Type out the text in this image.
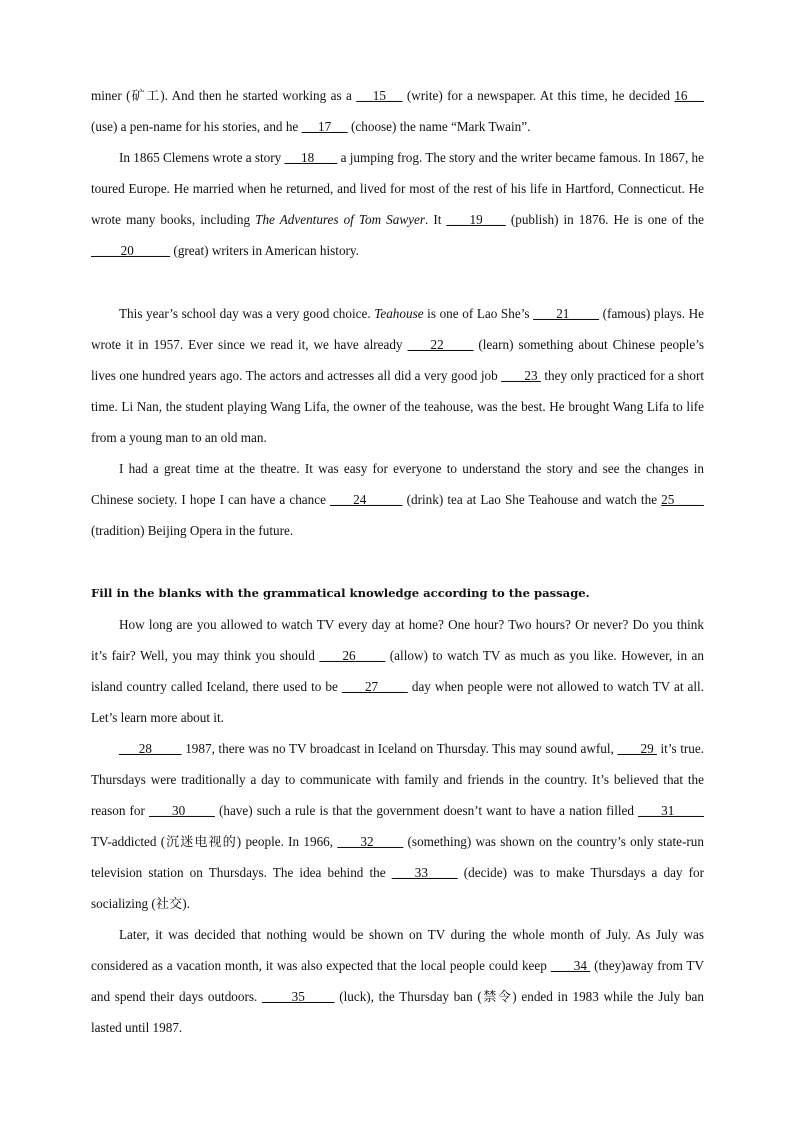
miner (矿工). And then he started working as a  __15__  (write) for a newspaper. At this time, he decided 16__  (use) a pen-name for his stories, and he  __17__  (choose) the name “Mark Twain”.

In 1865 Clemens wrote a story  __18___  a jumping frog. The story and the writer became famous. In 1867, he toured Europe. He married when he returned, and lived for most of the rest of his life in Hartford, Connecticut. He wrote many books, including The Adventures of Tom Sawyer. It  ___19___  (publish) in 1876. He is one of the  ____20_____  (great) writers in American history.

This year’s school day was a very good choice. Teahouse is one of Lao She’s  ___21____  (famous) plays. He wrote it in 1957. Ever since we read it, we have already  ___22____  (learn) something about Chinese people’s lives one hundred years ago. The actors and actresses all did a very good job  ___23  they only practiced for a short time. Li Nan, the student playing Wang Lifa, the owner of the teahouse, was the best. He brought Wang Lifa to life from a young man to an old man.

I had a great time at the theatre. It was easy for everyone to understand the story and see the changes in Chinese society. I hope I can have a chance  ___24_____  (drink) tea at Lao She Teahouse and watch the 25____  (tradition) Beijing Opera in the future.

Fill in the blanks with the grammatical knowledge according to the passage.

How long are you allowed to watch TV every day at home? One hour? Two hours? Or never? Do you think it’s fair? Well, you may think you should  ___26____  (allow) to watch TV as much as you like. However, in an island country called Iceland, there used to be  ___27____  day when people were not allowed to watch TV at all. Let’s learn more about it.

___28____  1987, there was no TV broadcast in Iceland on Thursday. This may sound awful,  ___29  it’s true. Thursdays were traditionally a day to communicate with family and friends in the country. It’s believed that the reason for  ___30____  (have) such a rule is that the government doesn’t want to have a nation filled  ___31____  TV-addicted (沉迷电视的) people. In 1966,  ___32____  (something) was shown on the country’s only state-run television station on Thursdays. The idea behind the  ___33____  (decide) was to make Thursdays a day for socializing (社交).

Later, it was decided that nothing would be shown on TV during the whole month of July. As July was considered as a vacation month, it was also expected that the local people could keep  ___34  (they)away from TV and spend their days outdoors.  ____35____  (luck), the Thursday ban (禁令) ended in 1983 while the July ban lasted until 1987.
